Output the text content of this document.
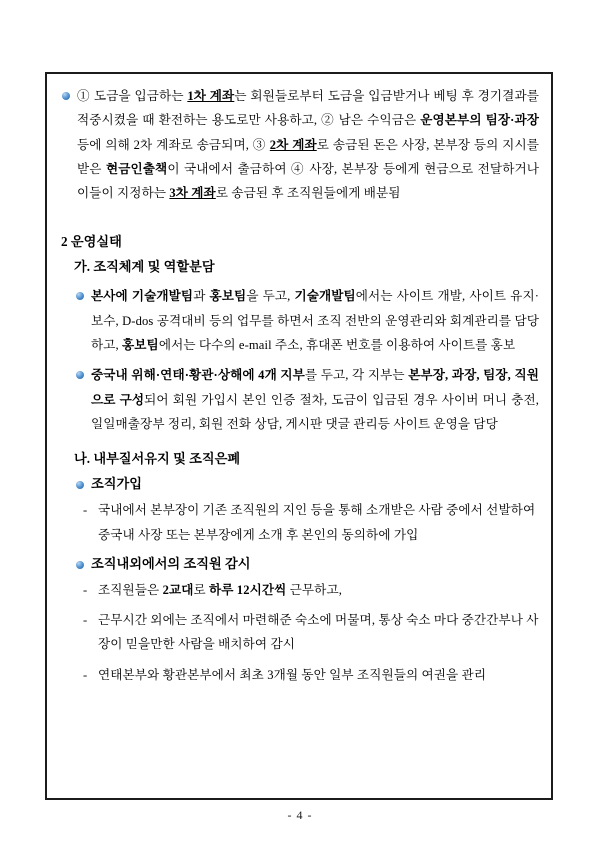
① 도금을 입금하는 1차 계좌는 회원들로부터 도금을 입금받거나 베팅 후 경기결과를 적중시켰을 때 환전하는 용도로만 사용하고, ② 남은 수익금은 운영본부의 팀장·과장 등에 의해 2차 계좌로 송금되며, ③ 2차 계좌로 송금된 돈은 사장, 본부장 등의 지시를 받은 현금인출책이 국내에서 출금하여 ④ 사장, 본부장 등에게 현금으로 전달하거나 이들이 지정하는 3차 계좌로 송금된 후 조직원들에게 배분됨
2 운영실태
가. 조직체계 및 역할분담
본사에 기술개발팀과 홍보팀을 두고, 기술개발팀에서는 사이트 개발, 사이트 유지·보수, D-dos 공격대비 등의 업무를 하면서 조직 전반의 운영관리와 회계관리를 담당하고, 홍보팀에서는 다수의 e-mail 주소, 휴대폰 번호를 이용하여 사이트를 홍보
중국내 위해·연태·황관·상해에 4개 지부를 두고, 각 지부는 본부장, 과장, 팀장, 직원으로 구성되어 회원 가입시 본인 인증 절차, 도금이 입금된 경우 사이버 머니 충전, 일일매출장부 정리, 회원 전화 상담, 게시판 댓글 관리등 사이트 운영을 담당
나. 내부질서유지 및 조직은폐
조직가입
- 국내에서 본부장이 기존 조직원의 지인 등을 통해 소개받은 사람 중에서 선발하여 중국내 사장 또는 본부장에게 소개 후 본인의 동의하에 가입
조직내외에서의 조직원 감시
- 조직원들은 2교대로 하루 12시간씩 근무하고,
- 근무시간 외에는 조직에서 마련해준 숙소에 머물며, 통상 숙소 마다 중간간부나 사장이 믿을만한 사람을 배치하여 감시
- 연태본부와 황관본부에서 최초 3개월 동안 일부 조직원들의 여권을 관리
- 4 -
